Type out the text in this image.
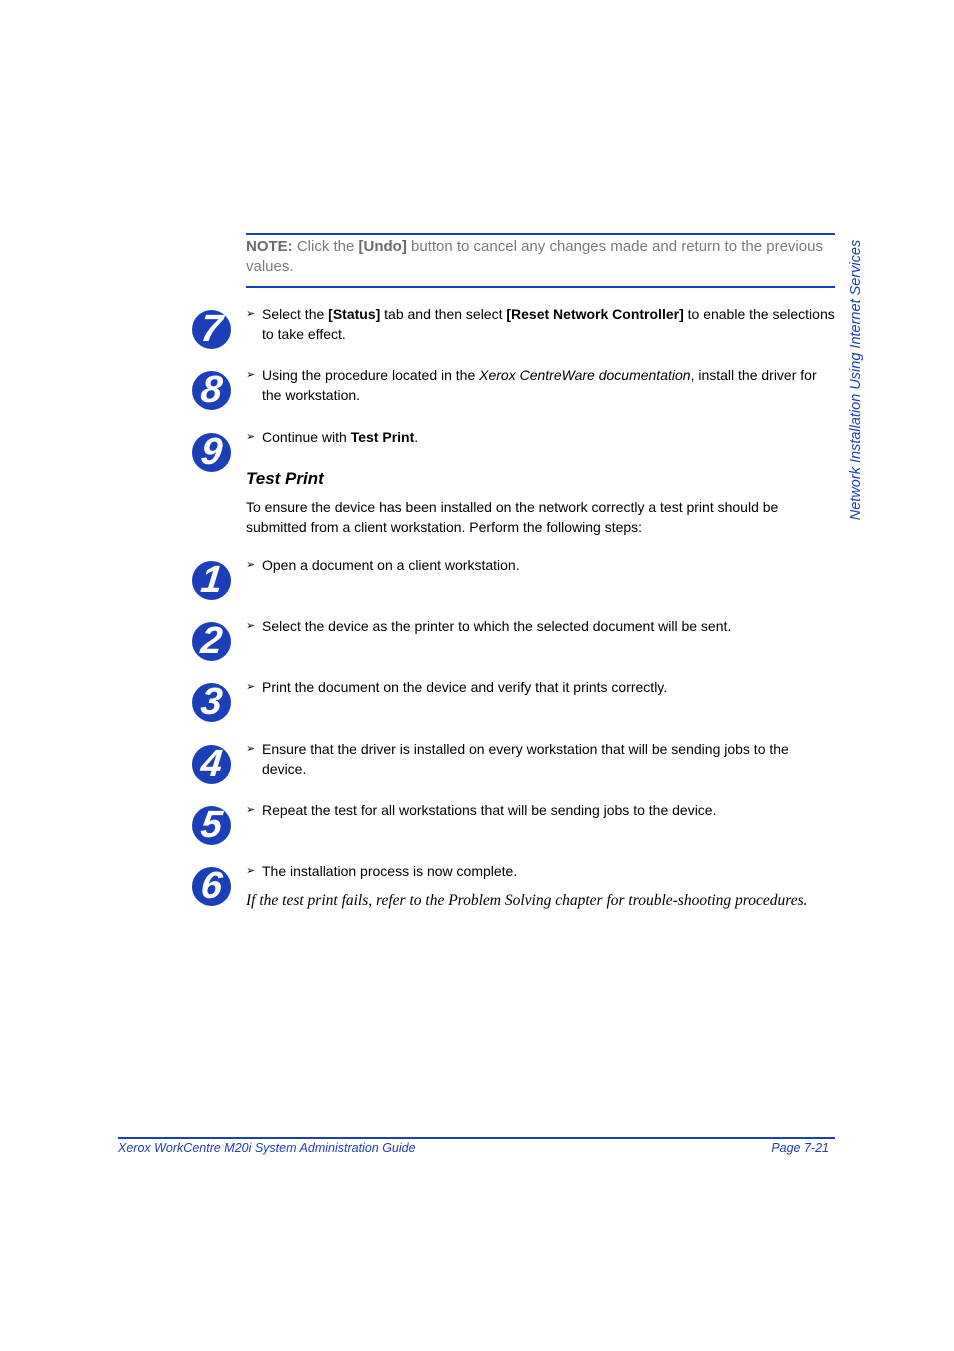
NOTE: Click the [Undo] button to cancel any changes made and return to the previous values.
7	➢ Select the [Status] tab and then select [Reset Network Controller] to enable the selections to take effect.
8	➢ Using the procedure located in the Xerox CentreWare documentation, install the driver for the workstation.
9	➢ Continue with Test Print.
Test Print
To ensure the device has been installed on the network correctly a test print should be submitted from a client workstation. Perform the following steps:
1	➢ Open a document on a client workstation.
2	➢ Select the device as the printer to which the selected document will be sent.
3	➢ Print the document on the device and verify that it prints correctly.
4	➢ Ensure that the driver is installed on every workstation that will be sending jobs to the device.
5	➢ Repeat the test for all workstations that will be sending jobs to the device.
6	➢ The installation process is now complete.
If the test print fails, refer to the Problem Solving chapter for trouble-shooting procedures.
Network Installation Using Internet Services
Xerox WorkCentre M20i System Administration Guide	Page 7-21
